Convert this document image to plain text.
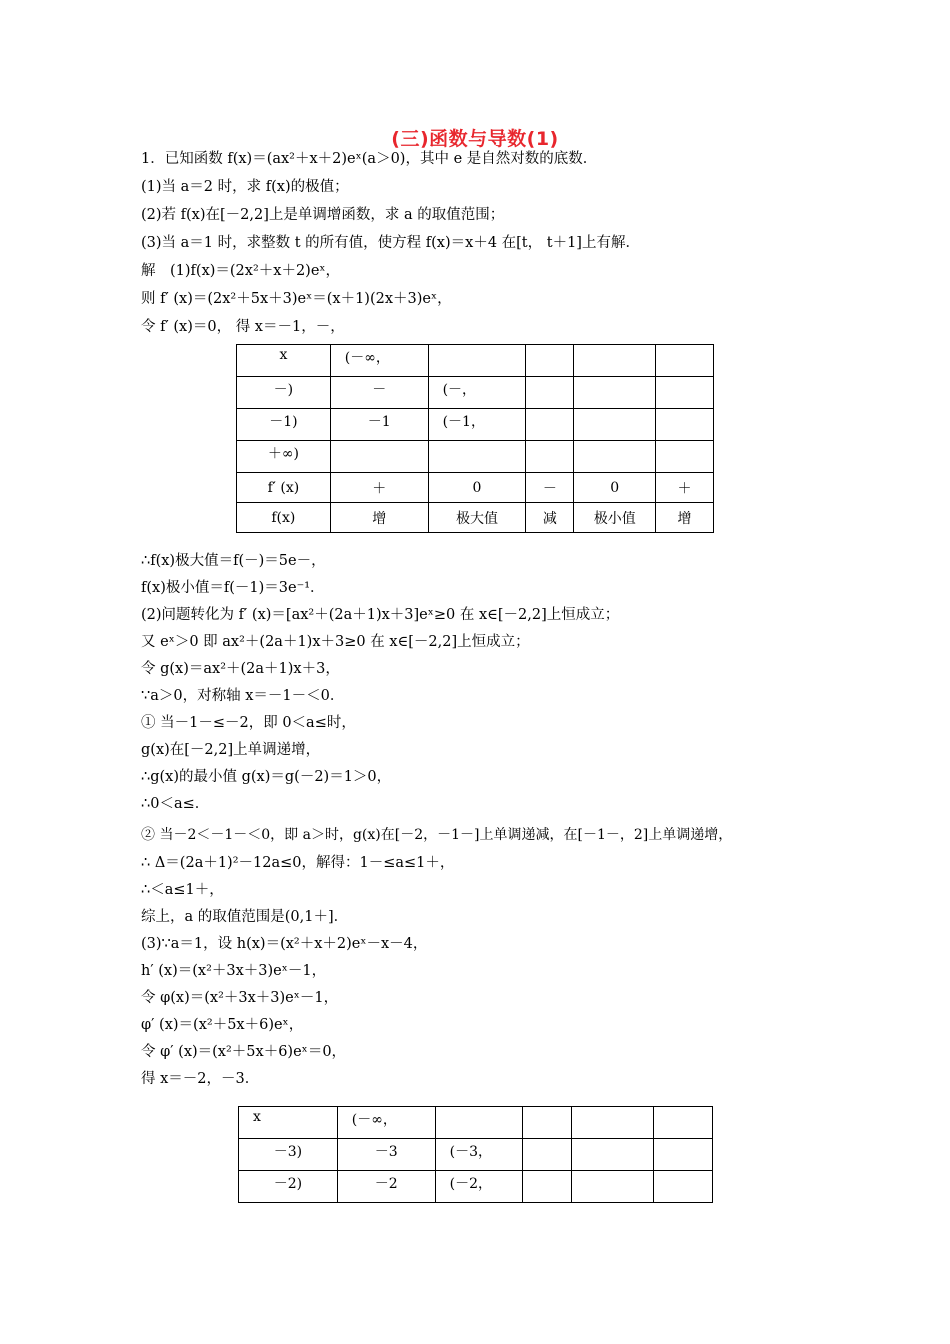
(三)函数与导数(1)
1．已知函数 f(x)＝(ax²＋x＋2)eˣ(a＞0)，其中 e 是自然对数的底数．
(1)当 a＝2 时，求 f(x)的极值；
(2)若 f(x)在[－2,2]上是单调增函数，求 a 的取值范围；
(3)当 a＝1 时，求整数 t 的所有值，使方程 f(x)＝x＋4 在[t， t＋1]上有解．
解　(1)f(x)＝(2x²＋x＋2)eˣ，
则 f′ (x)＝(2x²＋5x＋3)eˣ＝(x＋1)(2x＋3)eˣ，
令 f′ (x)＝0， 得 x＝－1，－，
x	(－∞，				
－)	－	(－，			
－1)	－1	(－1，			
＋∞)					
f′ (x)	＋	0	－	0	＋
f(x)	增	极大值	减	极小值	增
∴f(x)极大值＝f(－)＝5e－，
f(x)极小值＝f(－1)＝3e⁻¹．
(2)问题转化为 f′ (x)＝[ax²＋(2a＋1)x＋3]eˣ≥0 在 x∈[－2,2]上恒成立；
又 eˣ＞0 即 ax²＋(2a＋1)x＋3≥0 在 x∈[－2,2]上恒成立；
令 g(x)＝ax²＋(2a＋1)x＋3，
∵a＞0，对称轴 x＝－1－＜0．
① 当－1－≤－2，即 0＜a≤时，
g(x)在[－2,2]上单调递增，
∴g(x)的最小值 g(x)＝g(－2)＝1＞0，
∴0＜a≤．
② 当－2＜－1－＜0，即 a＞时，g(x)在[－2，－1－]上单调递减，在[－1－，2]上单调递增，
∴ Δ＝(2a＋1)²－12a≤0，解得：1－≤a≤1＋，
∴＜a≤1＋，
综上，a 的取值范围是(0,1＋]．
(3)∵a＝1，设 h(x)＝(x²＋x＋2)eˣ－x－4，
h′ (x)＝(x²＋3x＋3)eˣ－1，
令 φ(x)＝(x²＋3x＋3)eˣ－1，
φ′ (x)＝(x²＋5x＋6)eˣ，
令 φ′ (x)＝(x²＋5x＋6)eˣ＝0，
得 x＝－2，－3．
x	(－∞，				
－3)	－3	(－3，			
－2)	－2	(－2，			
